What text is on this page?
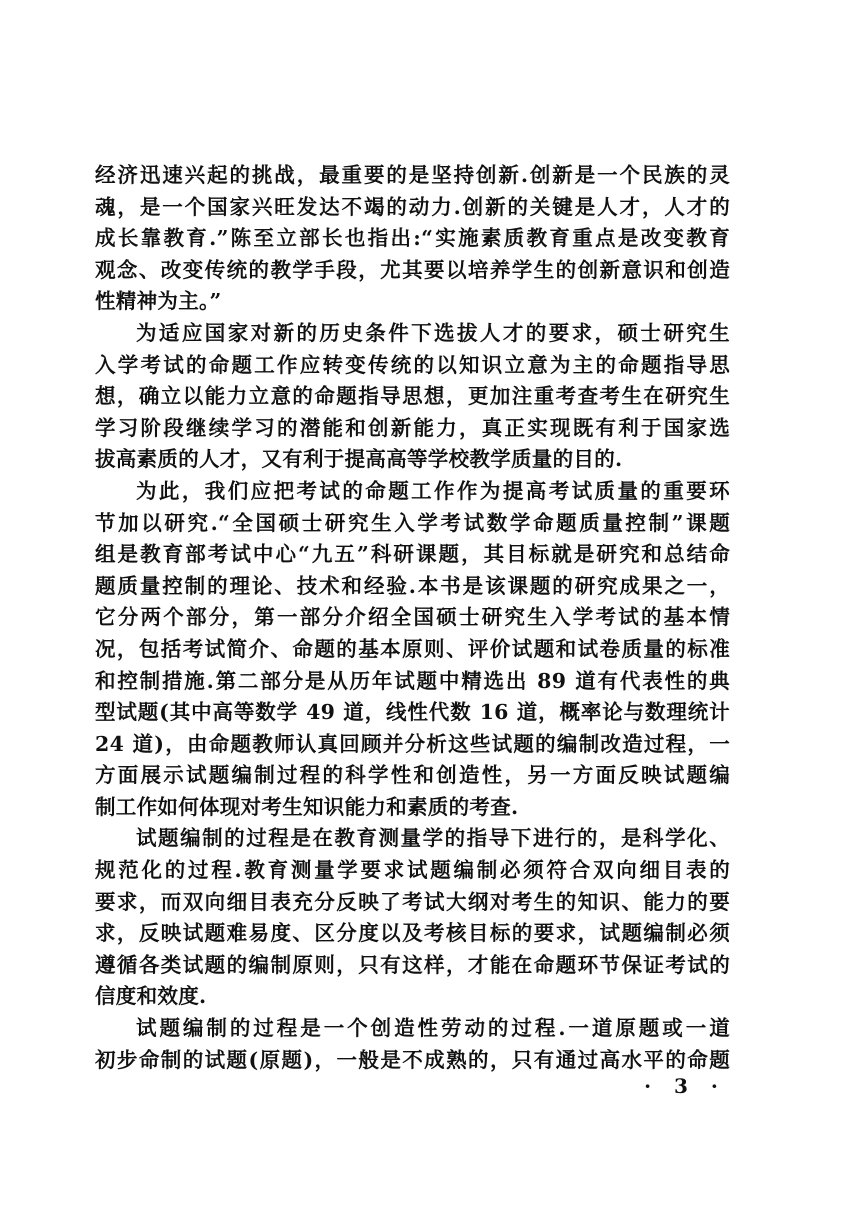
经济迅速兴起的挑战，最重要的是坚持创新.创新是一个民族的灵
魂，是一个国家兴旺发达不竭的动力.创新的关键是人才，人才的
成长靠教育.”陈至立部长也指出:“实施素质教育重点是改变教育
观念、改变传统的教学手段，尤其要以培养学生的创新意识和创造
性精神为主。”
为适应国家对新的历史条件下选拔人才的要求，硕士研究生
入学考试的命题工作应转变传统的以知识立意为主的命题指导思
想，确立以能力立意的命题指导思想，更加注重考查考生在研究生
学习阶段继续学习的潜能和创新能力，真正实现既有利于国家选
拔高素质的人才，又有利于提高高等学校教学质量的目的.
为此，我们应把考试的命题工作作为提高考试质量的重要环
节加以研究.“全国硕士研究生入学考试数学命题质量控制”课题
组是教育部考试中心“九五”科研课题，其目标就是研究和总结命
题质量控制的理论、技术和经验.本书是该课题的研究成果之一，
它分两个部分，第一部分介绍全国硕士研究生入学考试的基本情
况，包括考试简介、命题的基本原则、评价试题和试卷质量的标准
和控制措施.第二部分是从历年试题中精选出 89 道有代表性的典
型试题(其中高等数学 49 道，线性代数 16 道，概率论与数理统计
24 道)，由命题教师认真回顾并分析这些试题的编制改造过程，一
方面展示试题编制过程的科学性和创造性，另一方面反映试题编
制工作如何体现对考生知识能力和素质的考查.
试题编制的过程是在教育测量学的指导下进行的，是科学化、
规范化的过程.教育测量学要求试题编制必须符合双向细目表的
要求，而双向细目表充分反映了考试大纲对考生的知识、能力的要
求，反映试题难易度、区分度以及考核目标的要求，试题编制必须
遵循各类试题的编制原则，只有这样，才能在命题环节保证考试的
信度和效度.
试题编制的过程是一个创造性劳动的过程.一道原题或一道
初步命制的试题(原题)，一般是不成熟的，只有通过高水平的命题
· 3 ·
